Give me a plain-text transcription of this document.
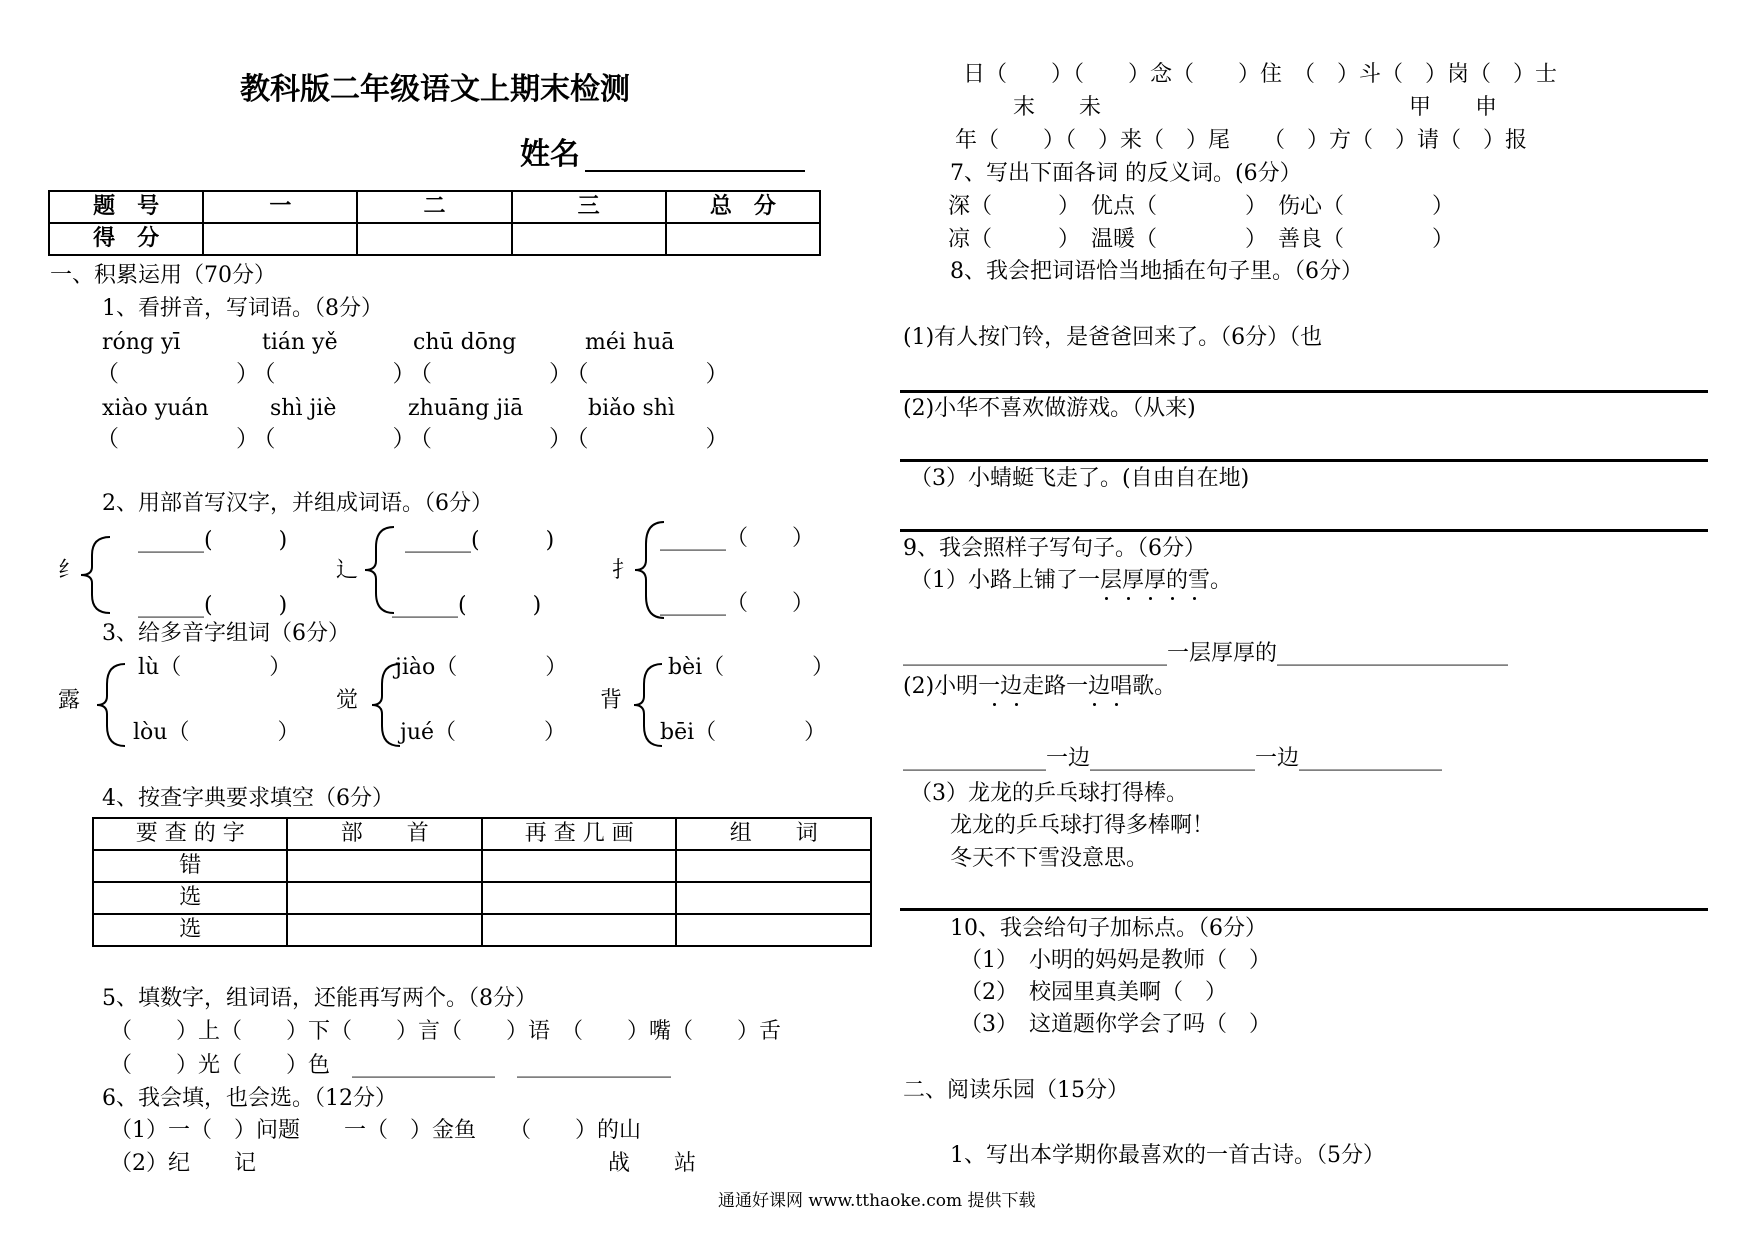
教科版二年级语文上期末检测
姓名
题　号	一	二	三	总　分
得　分				
一、积累运用（70分）
1、看拼音，写词语。（8分）
róng yī	tián yě	chū dōng	méi huā
（　　　　）（　　　　）（　　　　）（　　　　）
xiào yuán	shì jiè	zhuāng jiā	biǎo shì
（　　　　）（　　　　）（　　　　）（　　　　）
2、用部首写汉字，并组成词语。（6分）
纟
______(　　　)
______(　　　)
辶
______(　　　)
______(　　　)
扌
______（　　）
______（　　）
3、给多音字组词（6分）
露
lù（　　　　）
lòu（　　　　）
觉
jiào（　　　　）
jué（　　　　）
背
bèi（　　　　）
bēi（　　　　）
4、按查字典要求填空（6分）
要 查 的 字	部　　首	再 查 几 画	组　　词
错			
选			
选			
5、填数字，组词语，还能再写两个。（8分）
（　　）上（　　）下（　　）言（　　）语　（　　）嘴（　　）舌
（　　）光（　　）色　_____________　______________
6、我会填，也会选。（12分）
（1）一（　）问题　　一（　）金鱼　　（　　）的山
（2）纪　　记	战　　站
日（　　）（　　）念（　　）住　（　）斗（　）岗（　）士
末　　未　　　　　　　　　　　　　　甲　　申
年（　　）（　）来（　）尾　　（　）方（　）请（　）报
7、写出下面各词 的反义词。(6分）
深（　　　）　优点（　　　　）　伤心（　　　　）
凉（　　　）　温暖（　　　　）　善良（　　　　）
8、我会把词语恰当地插在句子里。（6分）
(1)有人按门铃，是爸爸回来了。（6分）（也
(2)小华不喜欢做游戏。（从来)
（3）小蜻蜓飞走了。(自由自在地)
9、我会照样子写句子。（6分）
（1）小路上铺了一层厚厚的雪。
________________________一层厚厚的_____________________
(2)小明一边走路一边唱歌。
_____________一边_______________一边_____________
（3）龙龙的乒乓球打得棒。
龙龙的乒乓球打得多棒啊！
冬天不下雪没意思。
10、我会给句子加标点。（6分）
（1）　小明的妈妈是教师（　）
（2）　校园里真美啊（　）
（3）　这道题你学会了吗（　）
二、阅读乐园（15分）
1、写出本学期你最喜欢的一首古诗。（5分）
通通好课网 www.tthaoke.com 提供下载
